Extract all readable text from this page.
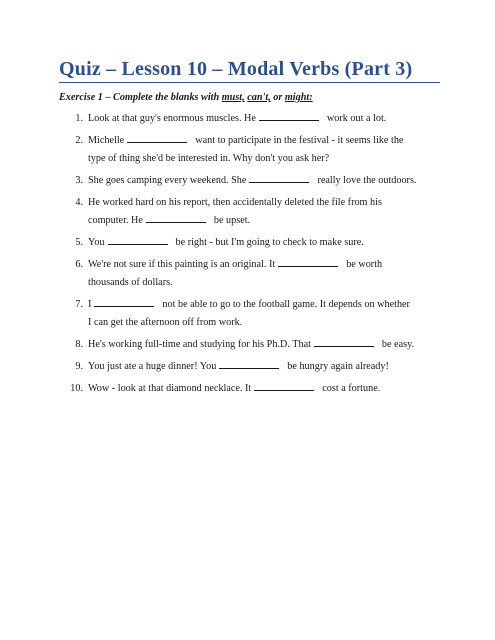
Quiz – Lesson 10 – Modal Verbs (Part 3)
Exercise 1 – Complete the blanks with must, can't, or might:
1. Look at that guy's enormous muscles. He	work out a lot.
2. Michelle	want to participate in the festival - it seems like the
type of thing she'd be interested in. Why don't you ask her?
3. She goes camping every weekend. She	really love the outdoors.
4. He worked hard on his report, then accidentally deleted the file from his
computer. He	be upset.
5. You	be right - but I'm going to check to make sure.
6. We're not sure if this painting is an original. It	be worth
thousands of dollars.
7. I	not be able to go to the football game. It depends on whether
I can get the afternoon off from work.
8. He's working full-time and studying for his Ph.D. That	be easy.
9. You just ate a huge dinner! You	be hungry again already!
10. Wow - look at that diamond necklace. It	cost a fortune.
